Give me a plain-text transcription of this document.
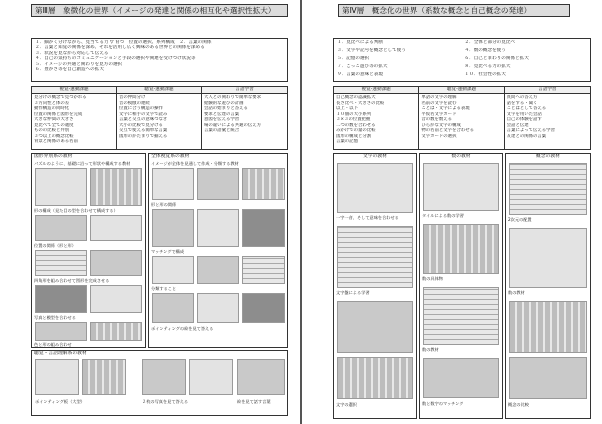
第Ⅲ層　象徴化の世界（イメージの発達と関係の相互化や選択性拡大）
１．細かく分けながら、見当てる力 ▽ 育つ　位置の選択、系列構成　２．言葉の関係
２．言葉と知覚の関係を深め、それを活用し広く興味のある世界との関係を深める
３．状況を見ながら対応して伝える
４．自己の気持ちのコミュニケーションと手段の選択や関連を受けつけ状況等
５．イメージの共通と関わりを見方の選択
６．豊かさ等を自己創造への拡大
視覚-運動課題
見分けの概念で見つかれる
３方向性と体の差
動作構造の同時化
位置の関係と図形を完成
大きな仲間の大きさ
見比べて全ての適度
ものの比較と弁別
３つ以上の概念比較
背景と関係のある名前
聴覚-運動課題
音の仲間分け
音の模倣の連続
位置に合う構造の操作
文字に相手の文字で読み
言葉と交互の意味つなぎ
大小の比較で見分ける
交互で使える簡単な言葉
図形のかたまりで揃える
言語学習
大人との関わりで簡単な要求
経験的な遊びの計画
会話の始まりと答える
要求と伝達の言葉
意図を伝える学習
場の違いによる共通の伝え方
言葉の語彙と統合
図形弁別系の教材
パズルのように、基礎に沿って形状や構成する教材
形の構成（見た目の型を合わせて構成する）
位置の関係（形と形）
四角形を組み合わせて図形を完成させる
写真と模型を合わせる
色と形の組み合わせ
全体視覚系の教材
イメージが全体を見通して作成・分類する教材
形と形の関係
マッチングで構成
分類すること
ポインティングの絵を見て答える
聴覚・言語理解系の教材
ポインティング板（大型）	２枚の写真を見て答える	絵を見て話す言葉
第Ⅳ層　概念化の世界（系数な概念と自己概念の発達）
１．見比べによる判断	２．全体と部分の見比べ
３．文字や記号を概念として使う	４．数の概念を使う
５．記憶の選択	６．自己とまわりの関係と拡大
７．ごっこ遊び等の拡大	８．見比べる力の拡大
９．言葉の意味と表現	１０．社会性の拡大
視覚-運動課題
自己概念の認識拡大
長さ比べ・大きさの比較
以上・以下
１０個の大小系列
３×３の位置把握
二つの数を合わせる
みかけでの量の比較
図形の構成と分割
言葉の記憶
聴覚-運動課題
単語の文字の理解
名前の文字を読む
ことば・文字による表現
平仮名文字カード
音の数を数える
ひらがな文字の構成
物の名前と文字を合わせる
文字カードの選択
言語学習
質問への答え方
話をする・聞く
ことばとして答える
文字を用いた会話
自己の体験を話す
会話と伝達
言葉によって伝える学習
友達との関係の言葉
文字の教材
一字一音、そして意味を合わせる
文字盤による学習
文字の選択
数の教材
タイルによる数の学習
数の具体物
数の教材
数と数字のマッチング
概念の教材
2次元の配置
数の教材
概念の比較
